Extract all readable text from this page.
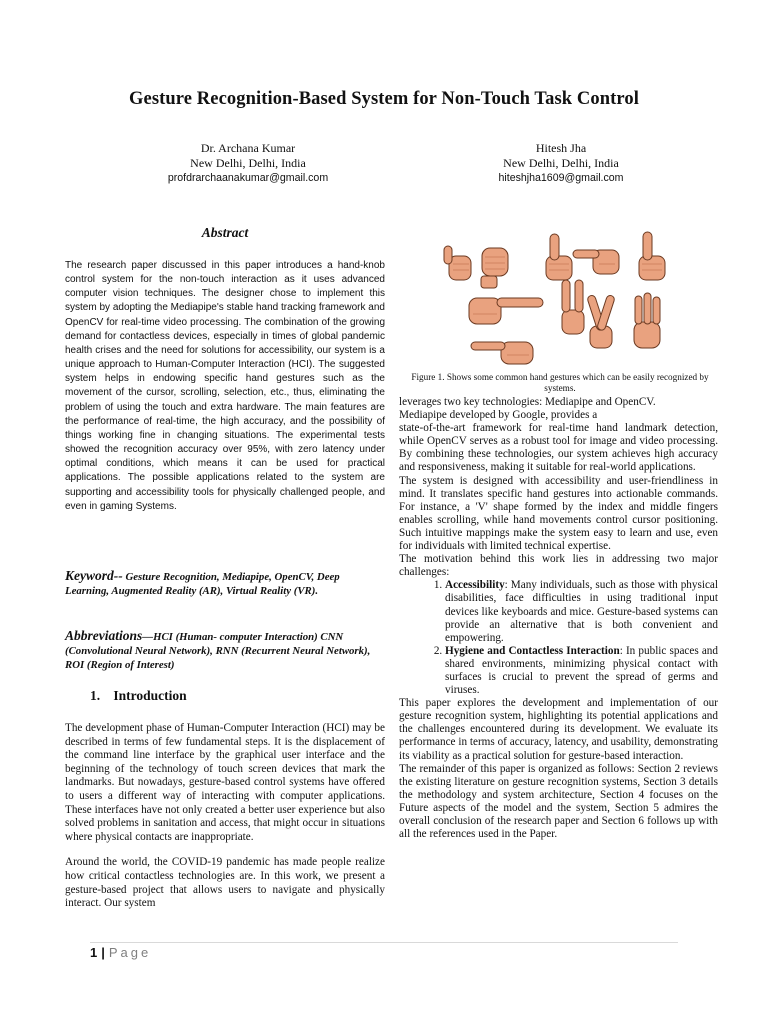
Gesture Recognition-Based System for Non-Touch Task Control
Dr. Archana Kumar
New Delhi, Delhi, India
profdrarchaanakumar@gmail.com
Hitesh Jha
New Delhi, Delhi, India
hiteshjha1609@gmail.com
Abstract
The research paper discussed in this paper introduces a hand-knob control system for the non-touch interaction as it uses advanced computer vision techniques. The designer chose to implement this system by adopting the Mediapipe's stable hand tracking framework and OpenCV for real-time video processing. The combination of the growing demand for contactless devices, especially in times of global pandemic health crises and the need for solutions for accessibility, our system is a unique approach to Human-Computer Interaction (HCI). The suggested system helps in endowing specific hand gestures such as the movement of the cursor, scrolling, selection, etc., thus, eliminating the problem of using the touch and extra hardware. The main features are the performance of real-time, the high accuracy, and the possibility of things working fine in changing situations. The experimental tests showed the recognition accuracy over 95%, with zero latency under optimal conditions, which means it can be used for practical applications. The possible applications related to the system are supporting and accessibility tools for physically challenged people, and even in gaming Systems.
Keyword-- Gesture Recognition, Mediapipe, OpenCV, Deep Learning, Augmented Reality (AR), Virtual Reality (VR).
Abbreviations—HCI (Human- computer Interaction) CNN (Convolutional Neural Network), RNN (Recurrent Neural Network), ROI (Region of Interest)
1. Introduction

The development phase of Human-Computer Interaction (HCI) may be described in terms of few fundamental steps. It is the displacement of the command line interface by the graphical user interface and the beginning of the technology of touch screen devices that mark the landmarks. But nowadays, gesture-based control systems have offered to users a different way of interacting with computer applications. These interfaces have not only created a better user experience but also solved problems in sanitation and access, that might occur in situations where physical contacts are inappropriate.

Around the world, the COVID-19 pandemic has made people realize how critical contactless technologies are. In this work, we present a gesture-based project that allows users to navigate and physically interact. Our system

Figure 1. Shows some common hand gestures which can be easily recognized by systems.

leverages two key technologies: Mediapipe and OpenCV.
Mediapipe developed by Google, provides a
state-of-the-art framework for real-time hand landmark detection, while OpenCV serves as a robust tool for image and video processing. By combining these technologies, our system achieves high accuracy and responsiveness, making it suitable for real-world applications.

The system is designed with accessibility and user-friendliness in mind. It translates specific hand gestures into actionable commands. For instance, a 'V' shape formed by the index and middle fingers enables scrolling, while hand movements control cursor positioning. Such intuitive mappings make the system easy to learn and use, even for individuals with limited technical expertise.

The motivation behind this work lies in addressing two major challenges:

1. Accessibility: Many individuals, such as those with physical disabilities, face difficulties in using traditional input devices like keyboards and mice. Gesture-based systems can provide an alternative that is both convenient and empowering.
2. Hygiene and Contactless Interaction: In public spaces and shared environments, minimizing physical contact with surfaces is crucial to prevent the spread of germs and viruses.

This paper explores the development and implementation of our gesture recognition system, highlighting its potential applications and the challenges encountered during its development. We evaluate its performance in terms of accuracy, latency, and usability, demonstrating its viability as a practical solution for gesture-based interaction.

The remainder of this paper is organized as follows: Section 2 reviews the existing literature on gesture recognition systems, Section 3 details the methodology and system architecture, Section 4 focuses on the Future aspects of the model and the system, Section 5 admires the overall conclusion of the research paper and Section 6 follows up with all the references used in the Paper.

1 | Page
